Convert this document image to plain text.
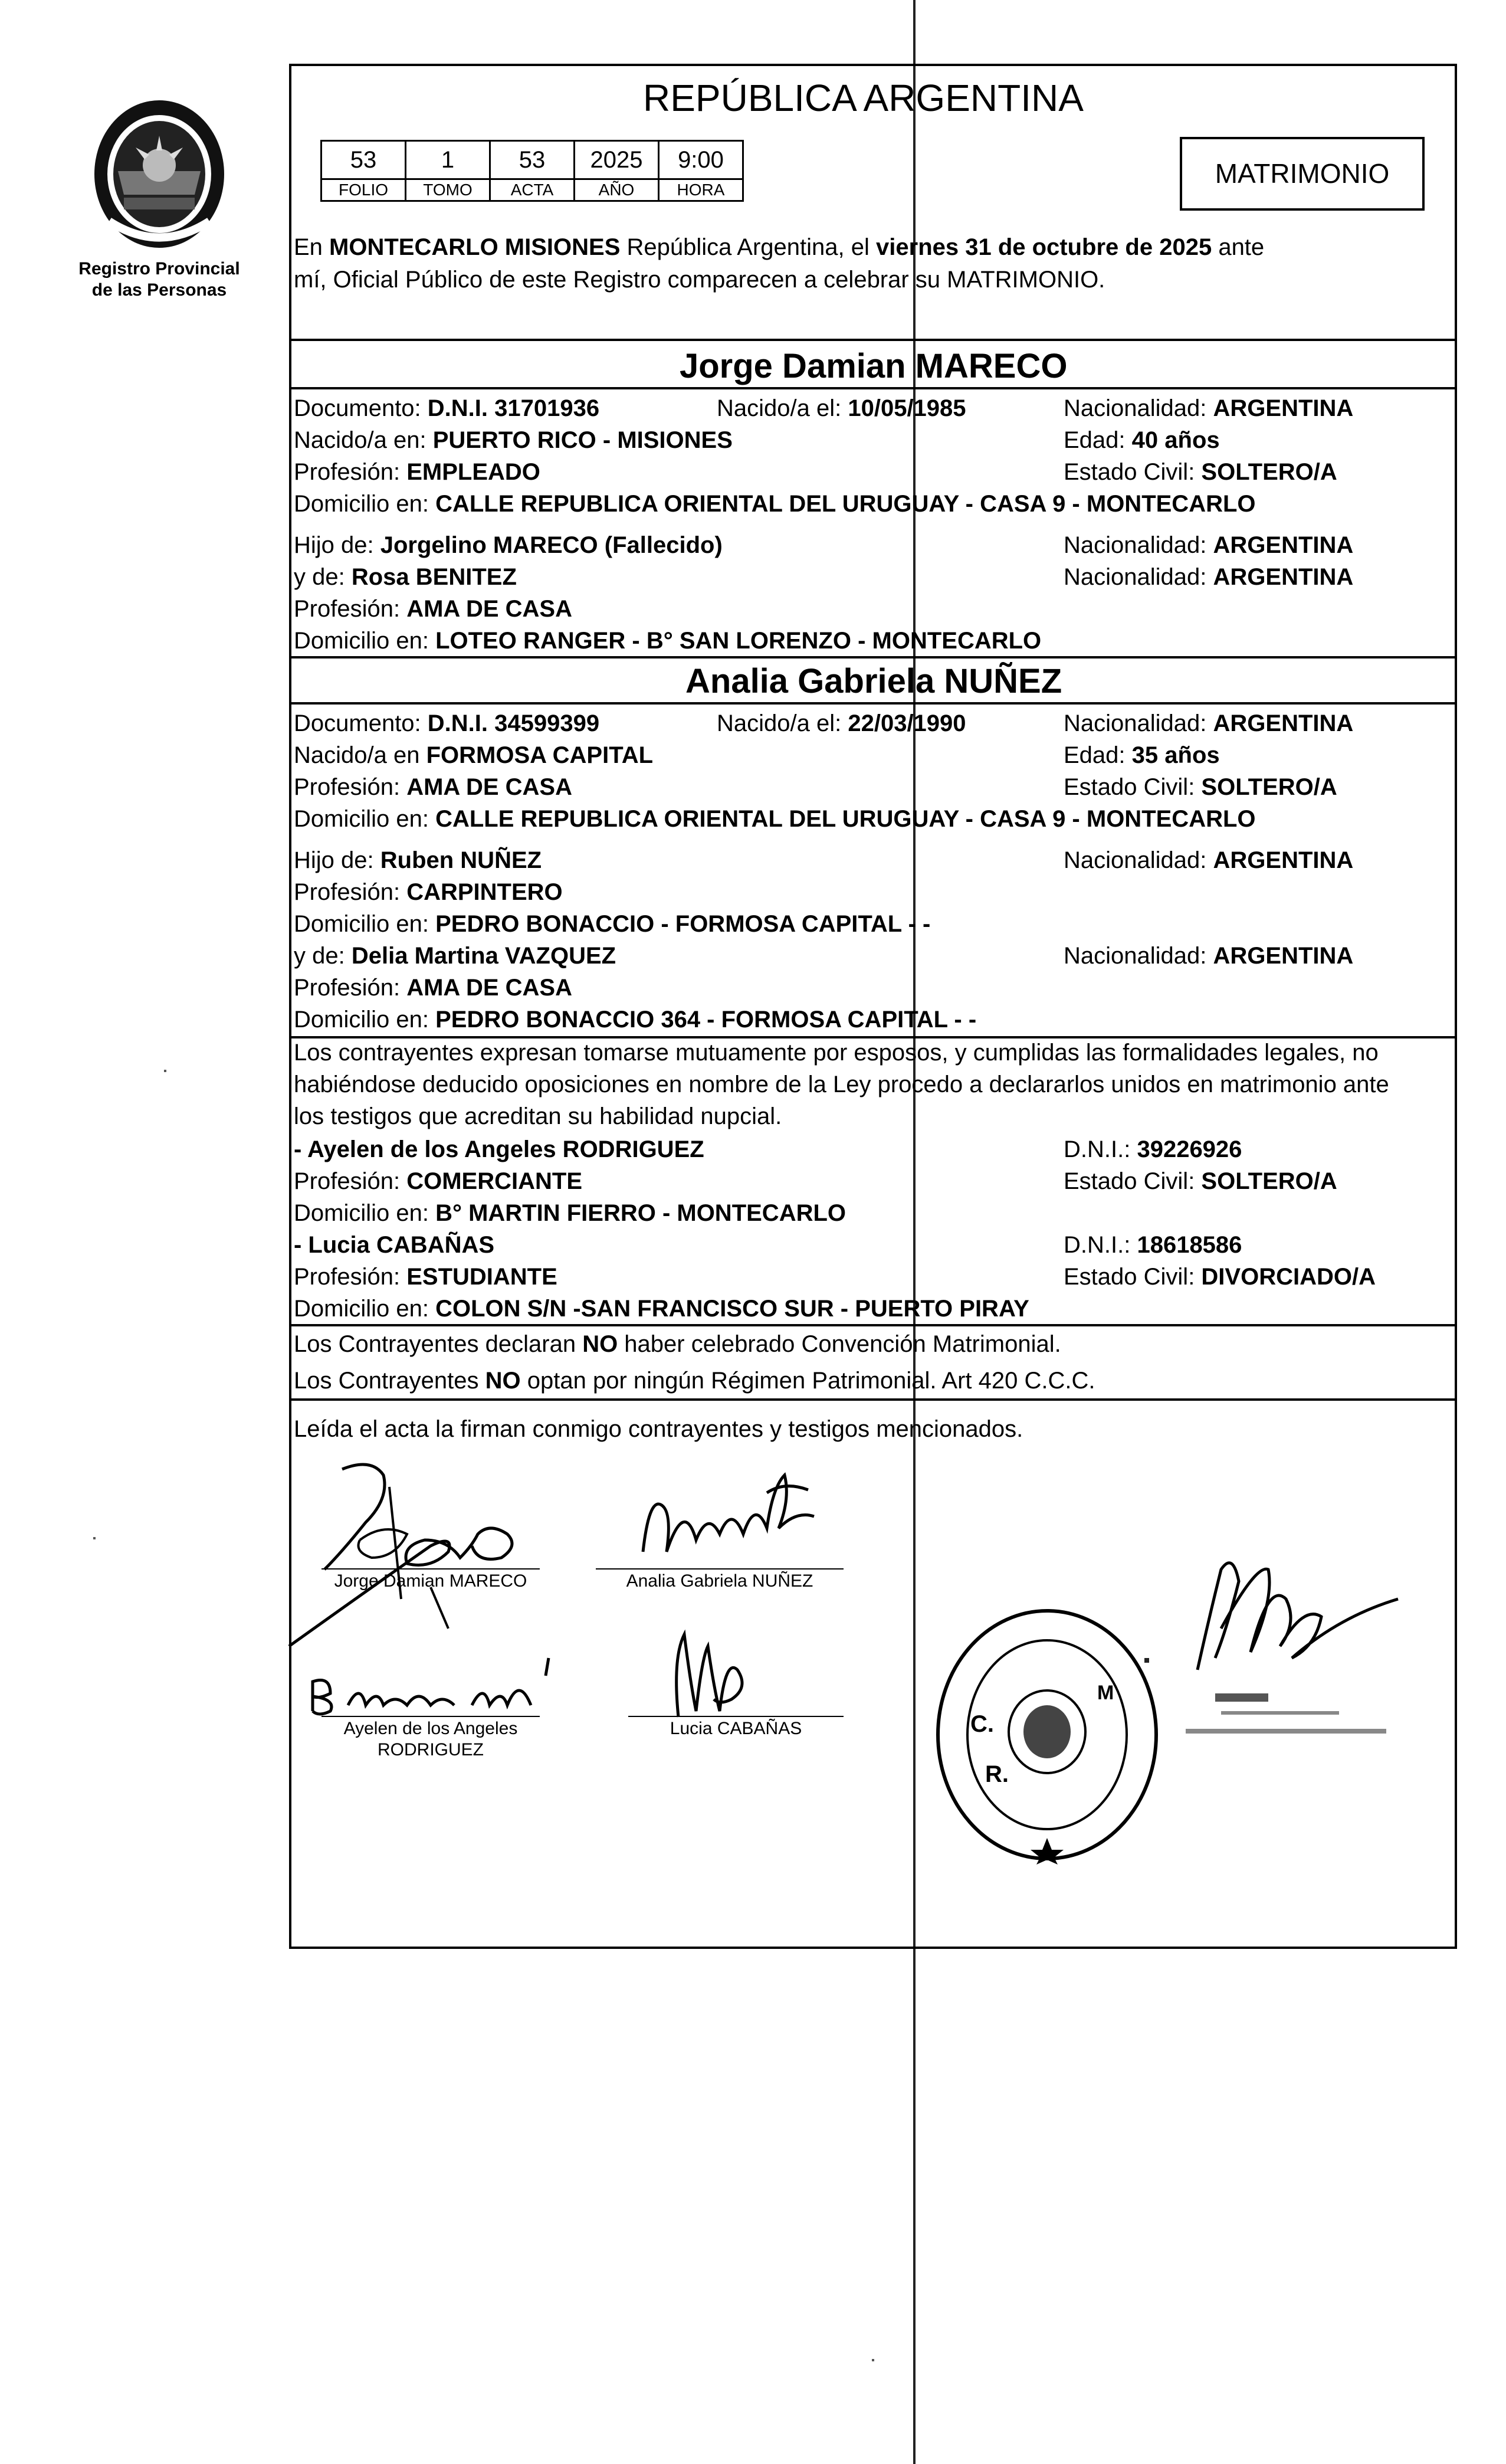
Registro Provincial
de las Personas
REPÚBLICA ARGENTINA
53	1	53	2025	9:00
FOLIO	TOMO	ACTA	AÑO	HORA
MATRIMONIO
En MONTECARLO MISIONES República Argentina, el viernes 31 de octubre de 2025 ante
mí, Oficial Público de este Registro comparecen a celebrar su MATRIMONIO.
Jorge Damian MARECO
Documento: D.N.I. 31701936	Nacido/a el: 10/05/1985	Nacionalidad: ARGENTINA
Nacido/a en: PUERTO RICO - MISIONES	Edad: 40 años
Profesión: EMPLEADO	Estado Civil: SOLTERO/A
Domicilio en: CALLE REPUBLICA ORIENTAL DEL URUGUAY - CASA 9 - MONTECARLO
Hijo de: Jorgelino MARECO (Fallecido)	Nacionalidad: ARGENTINA
y de: Rosa BENITEZ	Nacionalidad: ARGENTINA
Profesión: AMA DE CASA
Domicilio en: LOTEO RANGER - B° SAN LORENZO - MONTECARLO
Analia Gabriela NUÑEZ
Documento: D.N.I. 34599399	Nacido/a el: 22/03/1990	Nacionalidad: ARGENTINA
Nacido/a en FORMOSA CAPITAL	Edad: 35 años
Profesión: AMA DE CASA	Estado Civil: SOLTERO/A
Domicilio en: CALLE REPUBLICA ORIENTAL DEL URUGUAY - CASA 9 - MONTECARLO
Hijo de: Ruben NUÑEZ	Nacionalidad: ARGENTINA
Profesión: CARPINTERO
Domicilio en: PEDRO BONACCIO - FORMOSA CAPITAL - -
y de: Delia Martina VAZQUEZ	Nacionalidad: ARGENTINA
Profesión: AMA DE CASA
Domicilio en: PEDRO BONACCIO 364 - FORMOSA CAPITAL - -
Los contrayentes expresan tomarse mutuamente por esposos, y cumplidas las formalidades legales, no
habiéndose deducido oposiciones en nombre de la Ley procedo a declararlos unidos en matrimonio ante
los testigos que acreditan su habilidad nupcial.
- Ayelen de los Angeles RODRIGUEZ	D.N.I.: 39226926
Profesión: COMERCIANTE	Estado Civil: SOLTERO/A
Domicilio en: B° MARTIN FIERRO - MONTECARLO
- Lucia CABAÑAS	D.N.I.: 18618586
Profesión: ESTUDIANTE	Estado Civil: DIVORCIADO/A
Domicilio en: COLON S/N -SAN FRANCISCO SUR - PUERTO PIRAY
Los Contrayentes declaran NO haber celebrado Convención Matrimonial.
Los Contrayentes NO optan por ningún Régimen Patrimonial. Art 420 C.C.C.
Leída el acta la firman conmigo contrayentes y testigos mencionados.
Jorge Damian MARECO	Analia Gabriela NUÑEZ
Ayelen de los Angeles
RODRIGUEZ
Lucia CABAÑAS	C.
R.
M
